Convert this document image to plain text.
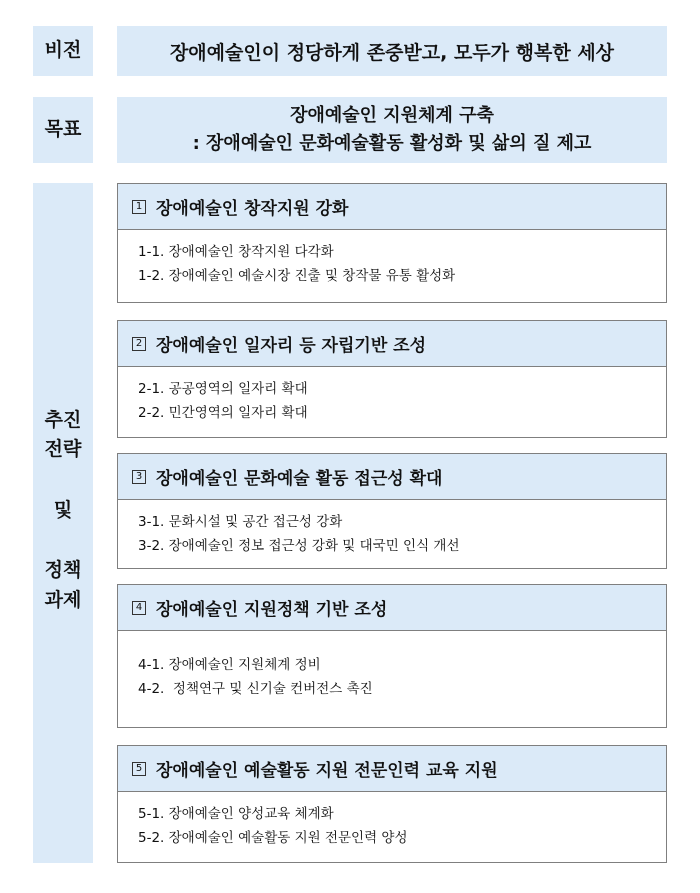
비전	장애예술인이 정당하게 존중받고, 모두가 행복한 세상
목표
장애예술인 지원체계 구축
: 장애예술인 문화예술활동 활성화 및 삶의 질 제고
추진
전략
및
정책
과제
1 장애예술인 창작지원 강화
1-1. 장애예술인 창작지원 다각화
1-2. 장애예술인 예술시장 진출 및 창작물 유통 활성화
2 장애예술인 일자리 등 자립기반 조성
2-1. 공공영역의 일자리 확대
2-2. 민간영역의 일자리 확대
3 장애예술인 문화예술 활동 접근성 확대
3-1. 문화시설 및 공간 접근성 강화
3-2. 장애예술인 정보 접근성 강화 및 대국민 인식 개선
4 장애예술인 지원정책 기반 조성
4-1. 장애예술인 지원체계 정비
4-2.  정책연구 및 신기술 컨버전스 촉진
5 장애예술인 예술활동 지원 전문인력 교육 지원
5-1. 장애예술인 양성교육 체계화
5-2. 장애예술인 예술활동 지원 전문인력 양성
